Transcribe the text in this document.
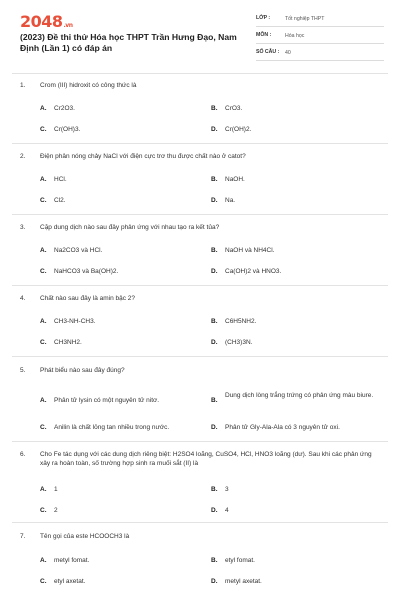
2048.vn
(2023) Đề thi thử Hóa học THPT Trần Hưng Đạo, Nam Định (Lần 1) có đáp án
LỚP :	Tốt nghiệp THPT
MÔN :	Hóa học
SỐ CÂU : 40
1. Crom (III) hidroxit có công thức là
A. Cr2O3.	B. CrO3.
C. Cr(OH)3.	D. Cr(OH)2.
2. Điện phân nóng chảy NaCl với điện cực trơ thu được chất nào ở catot?
A. HCl.	B. NaOH.
C. Cl2.	D. Na.
3. Cặp dung dịch nào sau đây phản ứng với nhau tạo ra kết tủa?
A. Na2CO3 và HCl.	B. NaOH và NH4Cl.
C. NaHCO3 và Ba(OH)2.	D. Ca(OH)2 và HNO3.
4. Chất nào sau đây là amin bậc 2?
A. CH3-NH-CH3.	B. C6H5NH2.
C. CH3NH2.	D. (CH3)3N.
5. Phát biểu nào sau đây đúng?
A. Phân tử lysin có một nguyên tử nitơ.	B.
Dung dịch lòng trắng trứng có phản ứng màu biure.
C. Anilin là chất lỏng tan nhiều trong nước.	D. Phân tử Gly-Ala-Ala có 3 nguyên tử oxi.
6. Cho Fe tác dụng với các dung dịch riêng biệt: H2SO4 loãng, CuSO4, HCl, HNO3 loãng (dư). Sau khi các phản ứng xảy ra hoàn toàn, số trường hợp sinh ra muối sắt (II) là
A. 1	B. 3
C. 2	D. 4
7. Tên gọi của este HCOOCH3 là
A. metyl fomat.	B. etyl fomat.
C. etyl axetat.	D. metyl axetat.
